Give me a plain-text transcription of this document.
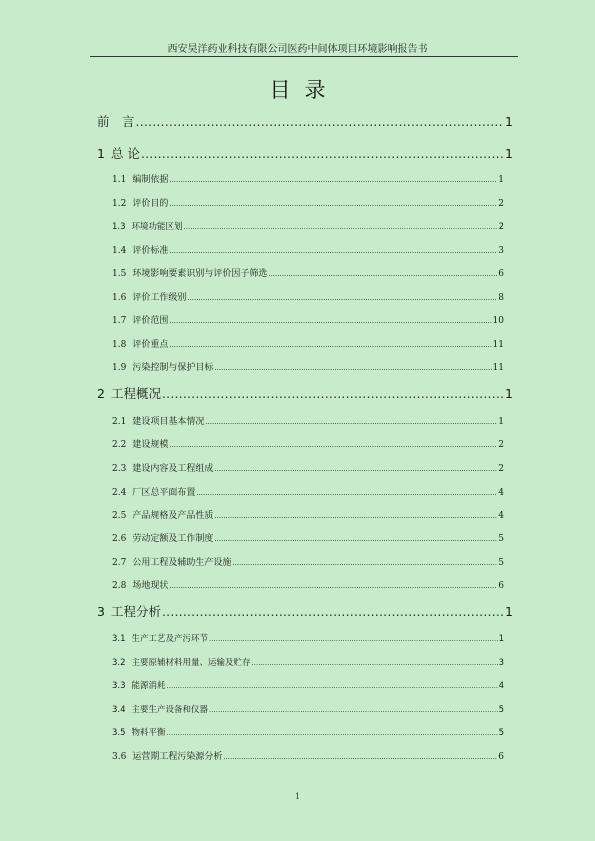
西安昊洋药业科技有限公司医药中间体项目环境影响报告书
目录
前　言 .....	1
1 总 论 .....	1
1.1 编制依据 .....	1
1.2 评价目的 .....	2
1.3 环境功能区划 .....	2
1.4 评价标准 .....	3
1.5 环境影响要素识别与评价因子筛选 .....	6
1.6 评价工作级别 .....	8
1.7 评价范围 .....	10
1.8 评价重点 .....	11
1.9 污染控制与保护目标 .....	11
2 工程概况 .....	1
2.1 建设项目基本情况 .....	1
2.2 建设规模 .....	2
2.3 建设内容及工程组成 .....	2
2.4 厂区总平面布置 .....	4
2.5 产品规格及产品性质 .....	4
2.6 劳动定额及工作制度 .....	5
2.7 公用工程及辅助生产设施 .....	5
2.8 场地现状 .....	6
3 工程分析 .....	1
3.1 生产工艺及产污环节 .....	1
3.2 主要原辅材料用量、运输及贮存 .....	3
3.3 能源消耗 .....	4
3.4 主要生产设备和仪器 .....	5
3.5 物料平衡 .....	5
3.6 运营期工程污染源分析 .....	6
1
